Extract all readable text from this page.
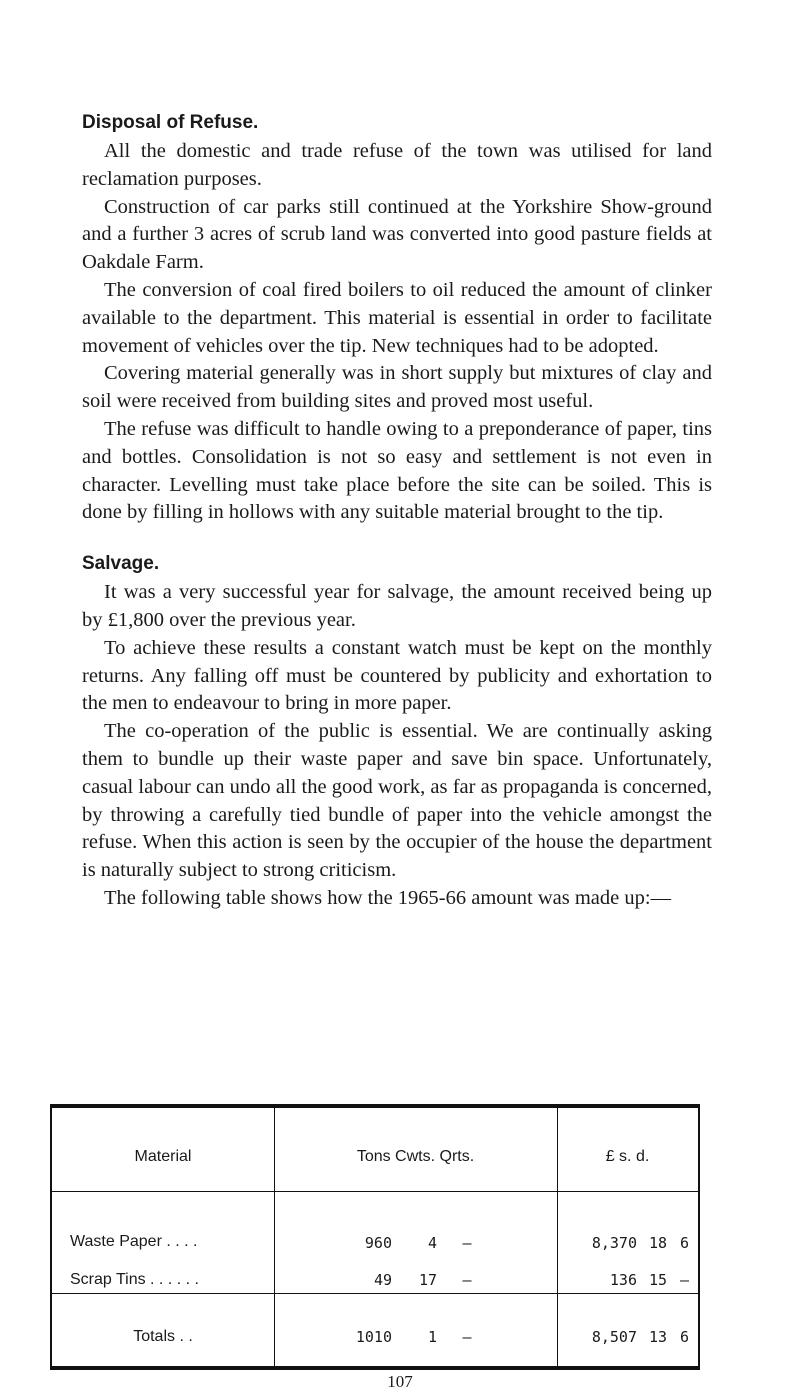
Disposal of Refuse.

All the domestic and trade refuse of the town was utilised for land reclamation purposes.

Construction of car parks still continued at the Yorkshire Show-ground and a further 3 acres of scrub land was converted into good pasture fields at Oakdale Farm.

The conversion of coal fired boilers to oil reduced the amount of clinker available to the department. This material is essential in order to facilitate movement of vehicles over the tip. New techniques had to be adopted.

Covering material generally was in short supply but mixtures of clay and soil were received from building sites and proved most useful.

The refuse was difficult to handle owing to a preponderance of paper, tins and bottles. Consolidation is not so easy and settlement is not even in character. Levelling must take place before the site can be soiled. This is done by filling in hollows with any suitable material brought to the tip.

Salvage.

It was a very successful year for salvage, the amount received being up by £1,800 over the previous year.

To achieve these results a constant watch must be kept on the monthly returns. Any falling off must be countered by publicity and exhortation to the men to endeavour to bring in more paper.

The co-operation of the public is essential. We are continually asking them to bundle up their waste paper and save bin space. Unfortunately, casual labour can undo all the good work, as far as propaganda is concerned, by throwing a carefully tied bundle of paper into the vehicle amongst the refuse. When this action is seen by the occupier of the house the department is naturally subject to strong criticism.

The following table shows how the 1965-66 amount was made up:—

Material	Tons Cwts. Qrts.	£ s. d.
Waste Paper . . . .	960	4	—	8,370 18 6
Scrap Tins . . . . . .	49	17	—	136 15 —
Totals . .	1010	1	—	8,507 13 6
107
